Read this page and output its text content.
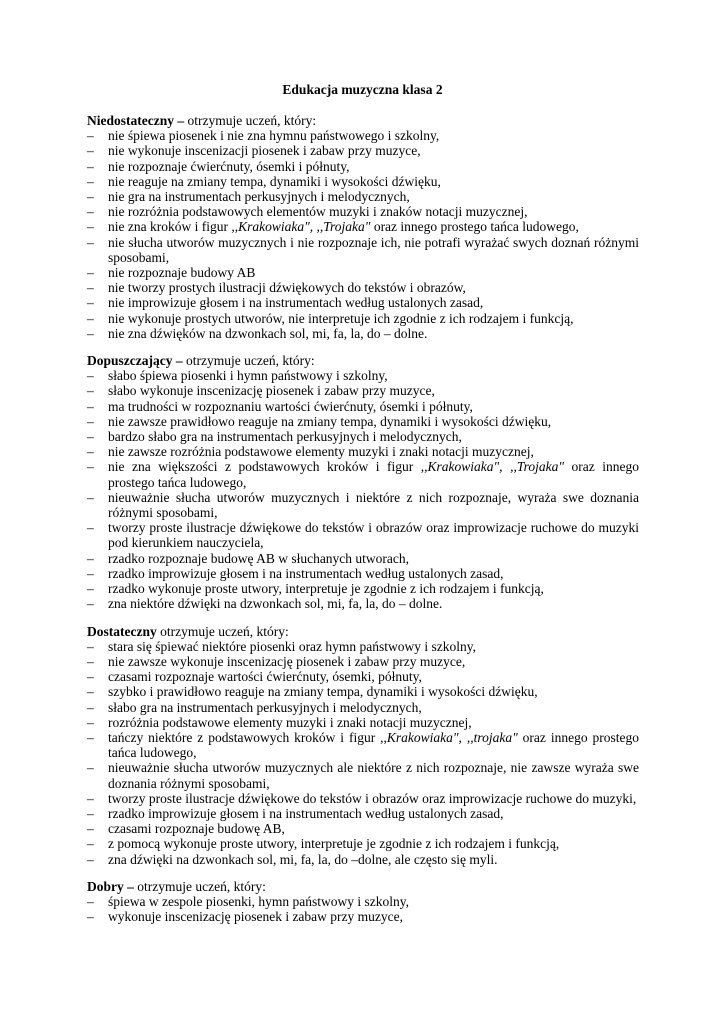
Edukacja muzyczna klasa 2

Niedostateczny – otrzymuje uczeń, który:

– nie śpiewa piosenek i nie zna hymnu państwowego i szkolny,
– nie wykonuje inscenizacji piosenek i zabaw przy muzyce,
– nie rozpoznaje ćwierćnuty, ósemki i półnuty,
– nie reaguje na zmiany tempa, dynamiki i wysokości dźwięku,
– nie gra na instrumentach perkusyjnych i melodycznych,
– nie rozróżnia podstawowych elementów muzyki i znaków notacji muzycznej,
– nie zna kroków i figur ,,Krakowiaka", ,,Trojaka" oraz innego prostego tańca ludowego,
– nie słucha utworów muzycznych i nie rozpoznaje ich, nie potrafi wyrażać swych doznań różnymi sposobami,
– nie rozpoznaje budowy AB
– nie tworzy prostych ilustracji dźwiękowych do tekstów i obrazów,
– nie improwizuje głosem i na instrumentach według ustalonych zasad,
– nie wykonuje prostych utworów, nie interpretuje ich zgodnie z ich rodzajem i funkcją,
– nie zna dźwięków na dzwonkach sol, mi, fa, la, do – dolne.

Dopuszczający – otrzymuje uczeń, który:

– słabo śpiewa piosenki i hymn państwowy i szkolny,
– słabo wykonuje inscenizację piosenek i zabaw przy muzyce,
– ma trudności w rozpoznaniu wartości ćwierćnuty, ósemki i półnuty,
– nie zawsze prawidłowo reaguje na zmiany tempa, dynamiki i wysokości dźwięku,
– bardzo słabo gra na instrumentach perkusyjnych i melodycznych,
– nie zawsze rozróżnia podstawowe elementy muzyki i znaki notacji muzycznej,
– nie zna większości z podstawowych kroków i figur ,,Krakowiaka", ,,Trojaka" oraz innego prostego tańca ludowego,
– nieuważnie słucha utworów muzycznych i niektóre z nich rozpoznaje, wyraża swe doznania różnymi sposobami,
– tworzy proste ilustracje dźwiękowe do tekstów i obrazów oraz improwizacje ruchowe do muzyki pod kierunkiem nauczyciela,
– rzadko rozpoznaje budowę AB w słuchanych utworach,
– rzadko improwizuje głosem i na instrumentach według ustalonych zasad,
– rzadko wykonuje proste utwory, interpretuje je zgodnie z ich rodzajem i funkcją,
– zna niektóre dźwięki na dzwonkach sol, mi, fa, la, do – dolne.

Dostateczny otrzymuje uczeń, który:

– stara się śpiewać niektóre piosenki oraz hymn państwowy i szkolny,
– nie zawsze wykonuje inscenizację piosenek i zabaw przy muzyce,
– czasami rozpoznaje wartości ćwierćnuty, ósemki, półnuty,
– szybko i prawidłowo reaguje na zmiany tempa, dynamiki i wysokości dźwięku,
– słabo gra na instrumentach perkusyjnych i melodycznych,
– rozróżnia podstawowe elementy muzyki i znaki notacji muzycznej,
– tańczy niektóre z podstawowych kroków i figur ,,Krakowiaka", ,,trojaka" oraz innego prostego tańca ludowego,
– nieuważnie słucha utworów muzycznych ale niektóre z nich rozpoznaje, nie zawsze wyraża swe doznania różnymi sposobami,
– tworzy proste ilustracje dźwiękowe do tekstów i obrazów oraz improwizacje ruchowe do muzyki,
– rzadko improwizuje głosem i na instrumentach według ustalonych zasad,
– czasami rozpoznaje budowę AB,
– z pomocą wykonuje proste utwory, interpretuje je zgodnie z ich rodzajem i funkcją,
– zna dźwięki na dzwonkach sol, mi, fa, la, do –dolne, ale często się myli.

Dobry – otrzymuje uczeń, który:

– śpiewa w zespole piosenki, hymn państwowy i szkolny,
– wykonuje inscenizację piosenek i zabaw przy muzyce,
